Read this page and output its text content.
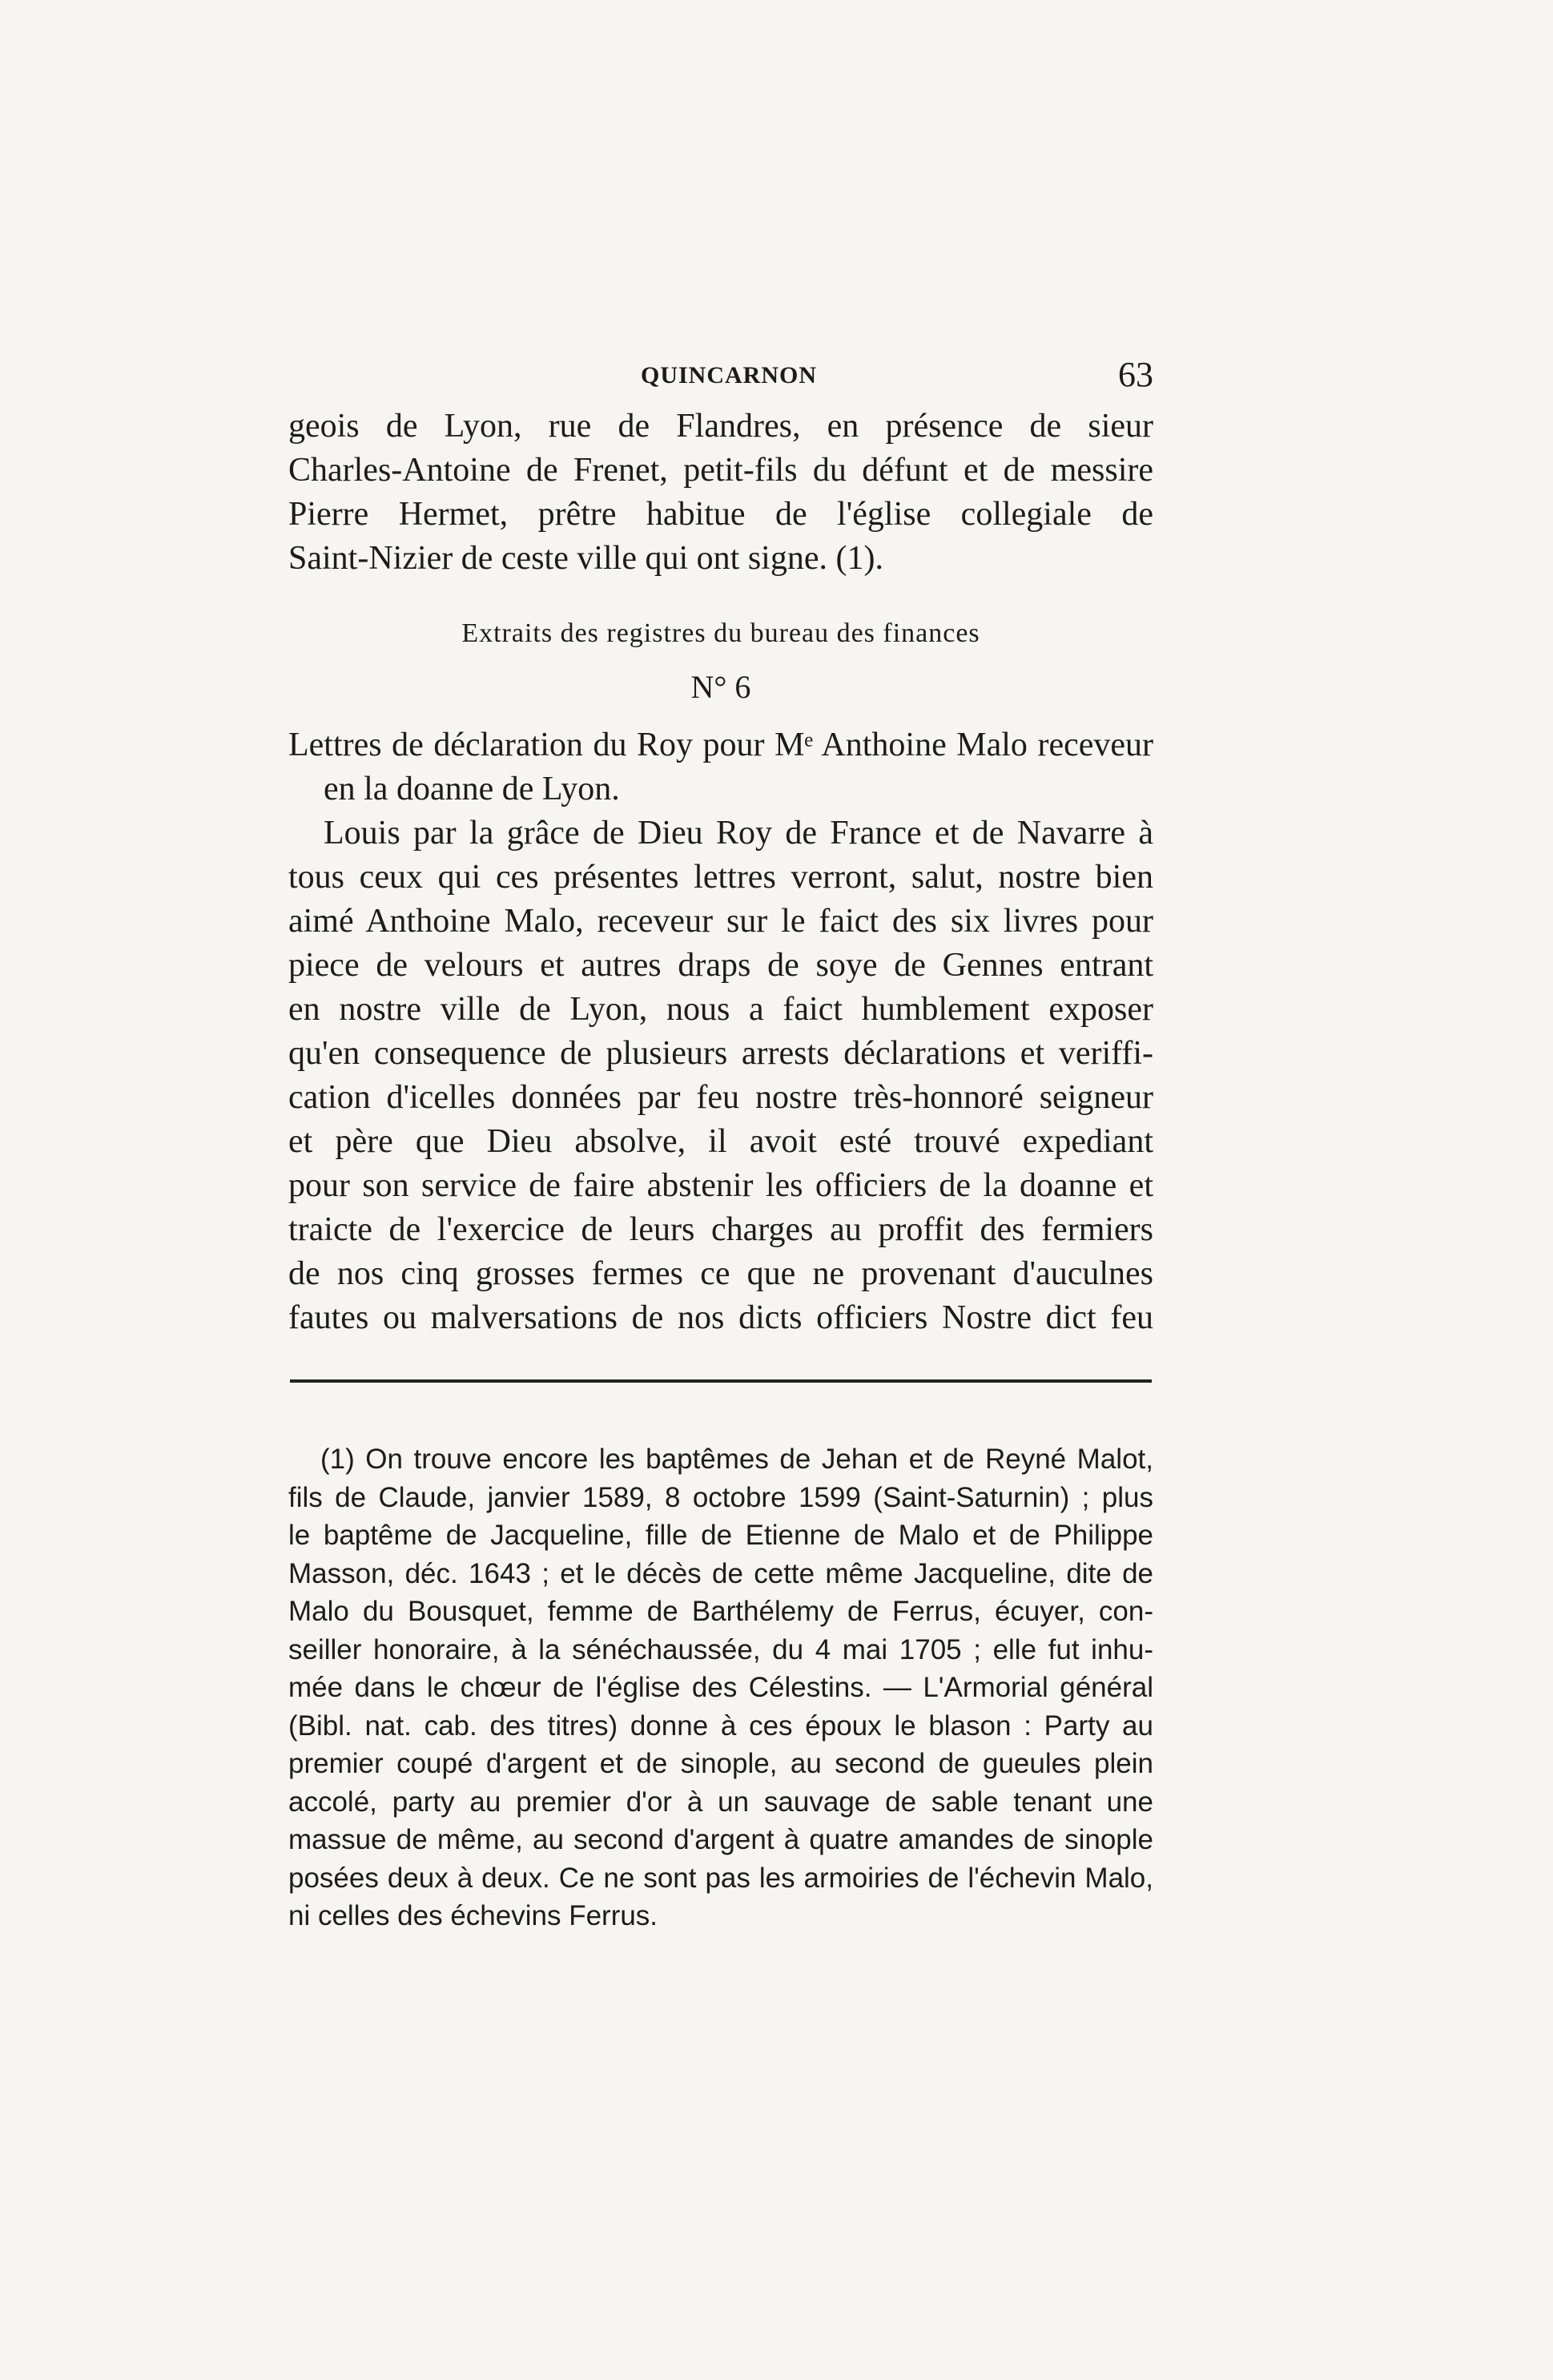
QUINCARNON	63
geois de Lyon, rue de Flandres, en présence de sieur
Charles-Antoine de Frenet, petit-fils du défunt et de messire
Pierre Hermet, prêtre habitue de l'église collegiale de
Saint-Nizier de ceste ville qui ont signe. (1).
Extraits des registres du bureau des finances
N° 6
Lettres de déclaration du Roy pour Mᵉ Anthoine Malo receveur
en la doanne de Lyon.
Louis par la grâce de Dieu Roy de France et de Navarre à
tous ceux qui ces présentes lettres verront, salut, nostre bien
aimé Anthoine Malo, receveur sur le faict des six livres pour
piece de velours et autres draps de soye de Gennes entrant
en nostre ville de Lyon, nous a faict humblement exposer
qu'en consequence de plusieurs arrests déclarations et veriffi-
cation d'icelles données par feu nostre très-honnoré seigneur
et père que Dieu absolve, il avoit esté trouvé expediant
pour son service de faire abstenir les officiers de la doanne et
traicte de l'exercice de leurs charges au proffit des fermiers
de nos cinq grosses fermes ce que ne provenant d'auculnes
fautes ou malversations de nos dicts officiers Nostre dict feu
(1) On trouve encore les baptêmes de Jehan et de Reyné Malot,
fils de Claude, janvier 1589, 8 octobre 1599 (Saint-Saturnin) ; plus
le baptême de Jacqueline, fille de Etienne de Malo et de Philippe
Masson, déc. 1643 ; et le décès de cette même Jacqueline, dite de
Malo du Bousquet, femme de Barthélemy de Ferrus, écuyer, con-
seiller honoraire, à la sénéchaussée, du 4 mai 1705 ; elle fut inhu-
mée dans le chœur de l'église des Célestins. — L'Armorial général
(Bibl. nat. cab. des titres) donne à ces époux le blason : Party au
premier coupé d'argent et de sinople, au second de gueules plein
accolé, party au premier d'or à un sauvage de sable tenant une
massue de même, au second d'argent à quatre amandes de sinople
posées deux à deux. Ce ne sont pas les armoiries de l'échevin Malo,
ni celles des échevins Ferrus.
